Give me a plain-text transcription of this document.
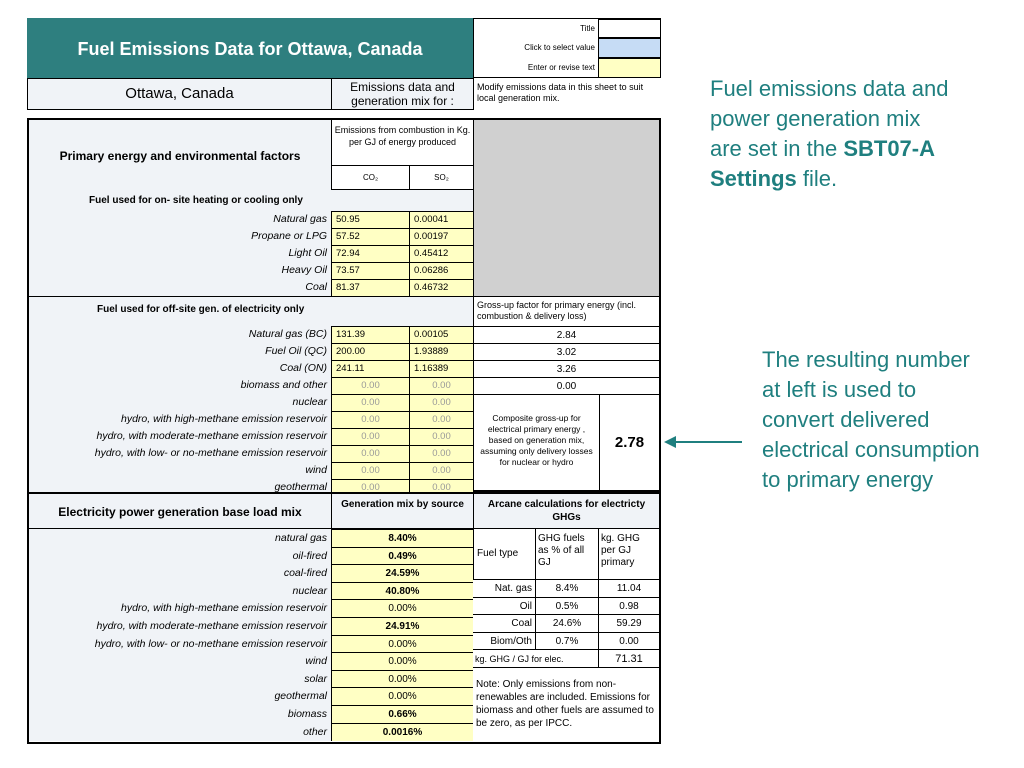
Fuel Emissions Data for Ottawa, Canada
Title
Click to select value
Enter or revise text
Ottawa, Canada	Emissions data and generation mix for :
Modify emissions data in this sheet to suit local generation mix.
Primary energy and environmental factors
Emissions from combustion in Kg. per GJ of energy produced
CO₂	SO₂
Fuel used for on- site heating or cooling only
Natural gas 50.95	0.00041
Propane or LPG 57.52	0.00197
Light Oil 72.94	0.45412
Heavy Oil 73.57	0.06286
Coal 81.37	0.46732
Fuel used for off-site gen. of electricity only	Gross-up factor for primary energy (incl. combustion & delivery loss)
Natural gas (BC) 131.39	0.00105	2.84
Fuel Oil (QC) 200.00	1.93889	3.02
Coal (ON) 241.11	1.16389	3.26
biomass and other	0.00	0.00	0.00
nuclear	0.00	0.00
hydro, with high-methane emission reservoir	0.00	0.00
hydro, with moderate-methane emission reservoir	0.00	0.00
hydro, with low- or no-methane emission reservoir	0.00	0.00
wind	0.00	0.00
geothermal	0.00	0.00
Composite gross-up for electrical primary energy , based on generation mix, assuming only delivery losses for nuclear or hydro
2.78
Electricity power generation base load mix
Generation mix by source	Arcane calculations for electricty GHGs
natural gas	8.40%
oil-fired	0.49%
coal-fired	24.59%
nuclear	40.80%
hydro, with high-methane emission reservoir	0.00%
hydro, with moderate-methane emission reservoir	24.91%
hydro, with low- or no-methane emission reservoir	0.00%
wind	0.00%
solar	0.00%
geothermal	0.00%
biomass	0.66%
other	0.0016%
Fuel type
GHG fuels as % of all GJ
kg. GHG per GJ primary
Nat. gas	8.4%	11.04
Oil	0.5%	0.98
Coal	24.6%	59.29
Biom/Oth	0.7%	0.00
kg. GHG / GJ for elec.	71.31
Note: Only emissions from non-renewables are included. Emissions for biomass and other fuels are assumed to be zero, as per IPCC.
Fuel emissions data and power generation mix are set in the SBT07-A Settings file.
The resulting number at left is used to convert delivered electrical consumption to primary energy
